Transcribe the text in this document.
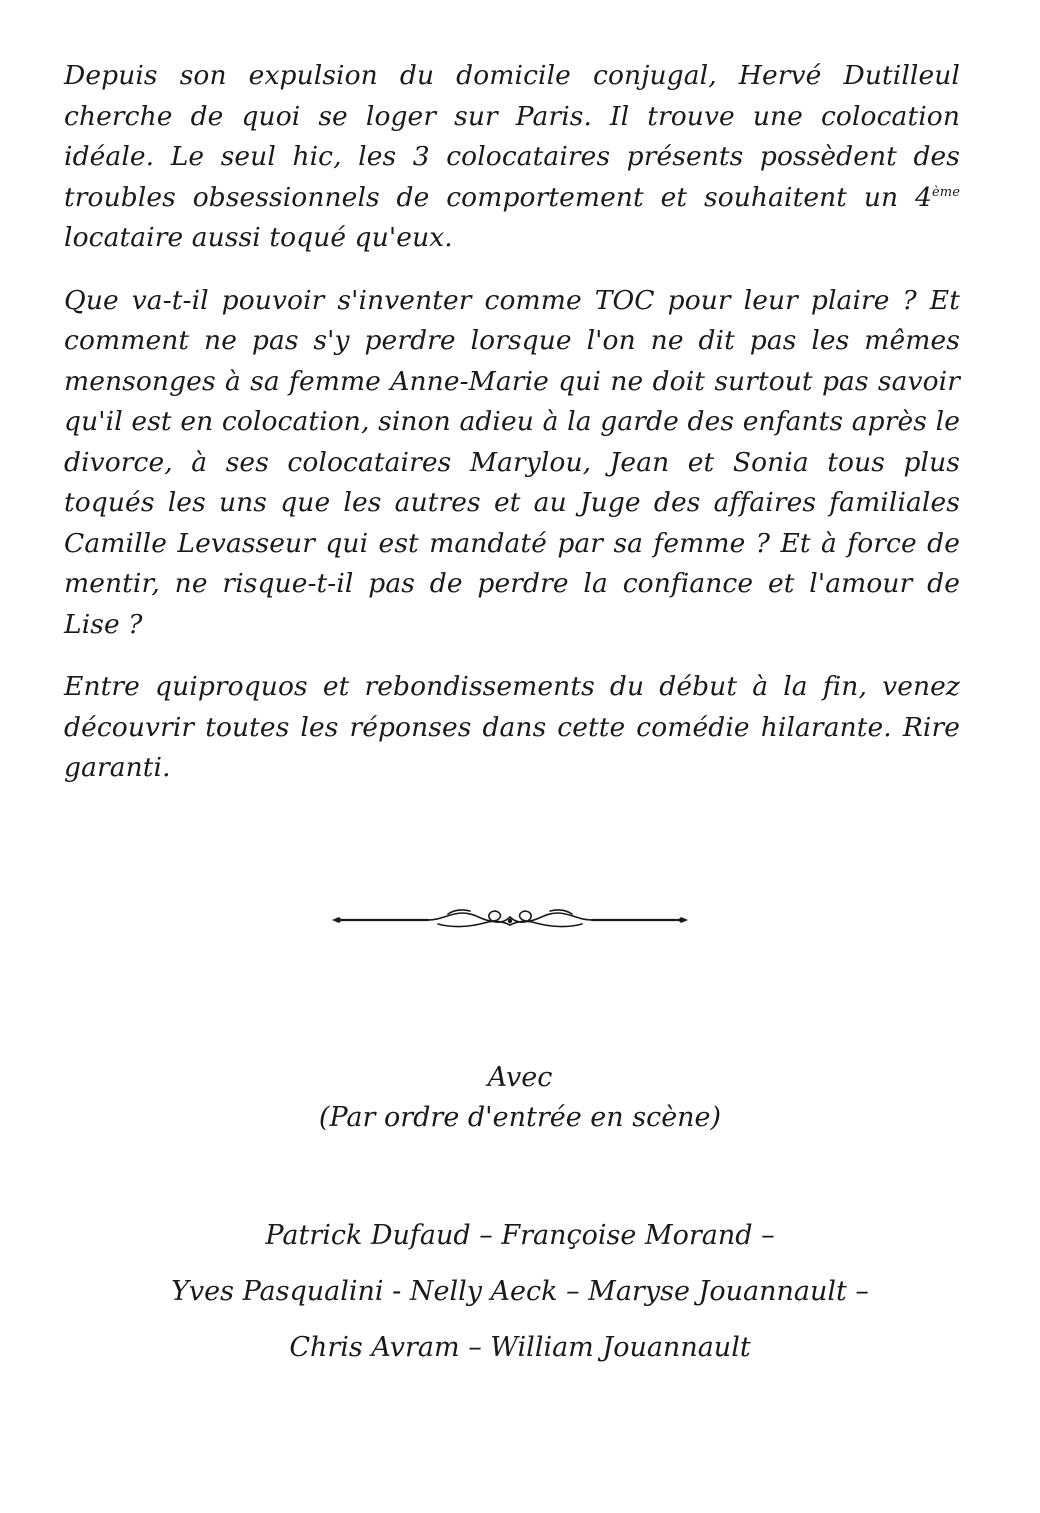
Depuis son expulsion du domicile conjugal, Hervé Dutilleul cherche de quoi se loger sur Paris. Il trouve une colocation idéale. Le seul hic, les 3 colocataires présents possèdent des troubles obsessionnels de comportement et souhaitent un 4ème locataire aussi toqué qu'eux.

Que va-t-il pouvoir s'inventer comme TOC pour leur plaire ? Et comment ne pas s'y perdre lorsque l'on ne dit pas les mêmes mensonges à sa femme Anne-Marie qui ne doit surtout pas savoir qu'il est en colocation, sinon adieu à la garde des enfants après le divorce, à ses colocataires Marylou, Jean et Sonia tous plus toqués les uns que les autres et au Juge des affaires familiales Camille Levasseur qui est mandaté par sa femme ? Et à force de mentir, ne risque-t-il pas de perdre la confiance et l'amour de Lise ?

Entre quiproquos et rebondissements du début à la fin, venez découvrir toutes les réponses dans cette comédie hilarante. Rire garanti.

Avec
(Par ordre d'entrée en scène)
Patrick Dufaud – Françoise Morand –
Yves Pasqualini - Nelly Aeck – Maryse Jouannault –
Chris Avram – William Jouannault
